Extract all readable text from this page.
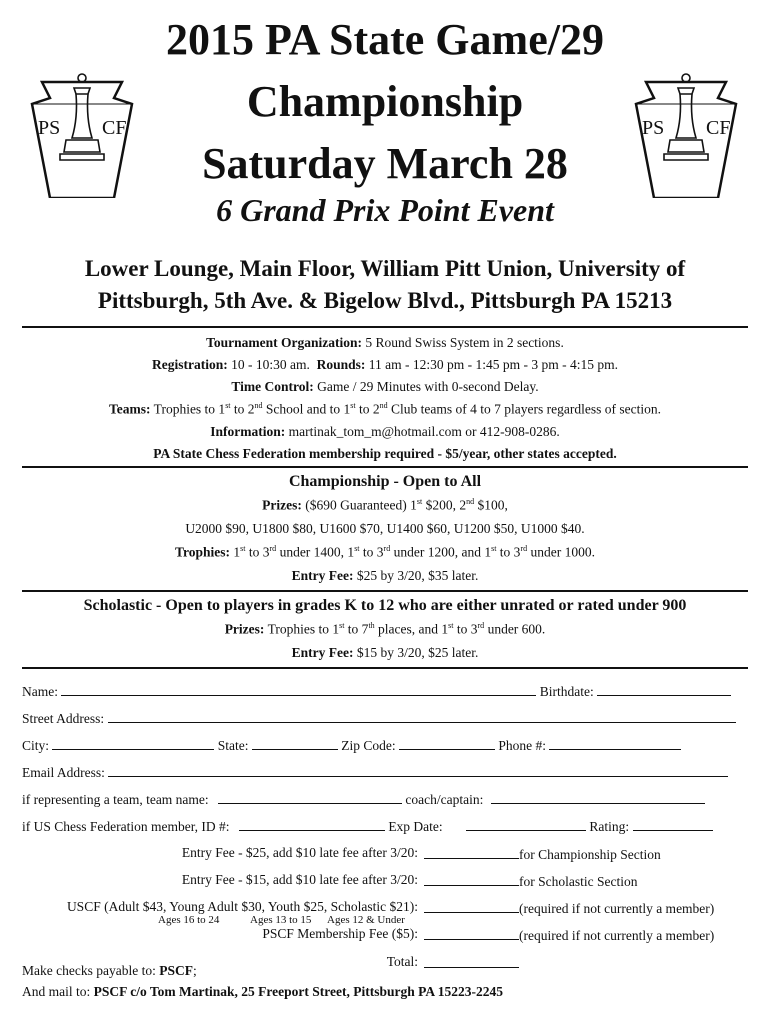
PS CF	PS CF
2015 PA State Game/29
Championship
Saturday March 28
6 Grand Prix Point Event
Lower Lounge, Main Floor, William Pitt Union, University of
Pittsburgh, 5th Ave. & Bigelow Blvd., Pittsburgh PA 15213
Tournament Organization: 5 Round Swiss System in 2 sections.
Registration: 10 - 10:30 am. Rounds: 11 am - 12:30 pm - 1:45 pm - 3 pm - 4:15 pm.
Time Control: Game / 29 Minutes with 0-second Delay.
Teams: Trophies to 1st to 2nd School and to 1st to 2nd Club teams of 4 to 7 players regardless of section.
Information: martinak_tom_m@hotmail.com or 412-908-0286.
PA State Chess Federation membership required - $5/year, other states accepted.
Championship - Open to All
Prizes: ($690 Guaranteed) 1st $200, 2nd $100,
U2000 $90, U1800 $80, U1600 $70, U1400 $60, U1200 $50, U1000 $40.
Trophies: 1st to 3rd under 1400, 1st to 3rd under 1200, and 1st to 3rd under 1000.
Entry Fee: $25 by 3/20, $35 later.
Scholastic - Open to players in grades K to 12 who are either unrated or rated under 900
Prizes: Trophies to 1st to 7th places, and 1st to 3rd under 600.
Entry Fee: $15 by 3/20, $25 later.
Name:	Birthdate:
Street Address:
City:	State:	Zip Code:	Phone #:
Email Address:
if representing a team, team name:	coach/captain:
if US Chess Federation member, ID #:	Exp Date:	Rating:
Entry Fee - $25, add $10 late fee after 3/20:	for Championship Section
Entry Fee - $15, add $10 late fee after 3/20:	for Scholastic Section
USCF (Adult $43, Young Adult $30, Youth $25, Scholastic $21):	(required if not currently a member)
Ages 16 to 24	Ages 13 to 15 Ages 12 & Under
PSCF Membership Fee ($5):	(required if not currently a member)
Total:
Make checks payable to: PSCF;
And mail to: PSCF c/o Tom Martinak, 25 Freeport Street, Pittsburgh PA 15223-2245
